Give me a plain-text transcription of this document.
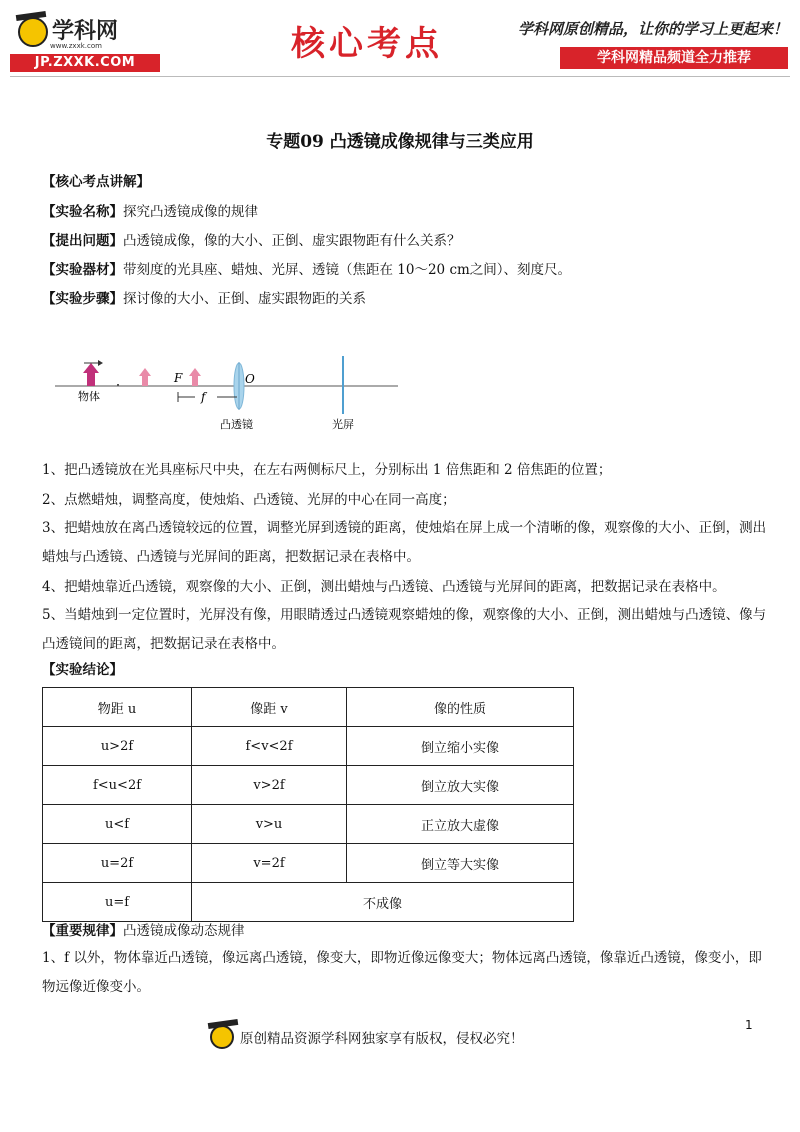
学科网
www.zxxk.com
JP.ZXXK.COM	核心考点	学科网原创精品，让你的学习上更起来！
学科网精品频道全力推荐
专题09 凸透镜成像规律与三类应用
【核心考点讲解】
【实验名称】探究凸透镜成像的规律
【提出问题】凸透镜成像，像的大小、正倒、虚实跟物距有什么关系？
【实验器材】带刻度的光具座、蜡烛、光屏、透镜（焦距在 10～20 cm之间）、刻度尺。
【实验步骤】探讨像的大小、正倒、虚实跟物距的关系
F	O
f
物体
凸透镜	光屏
1、把凸透镜放在光具座标尺中央，在左右两侧标尺上，分别标出 1 倍焦距和 2 倍焦距的位置；
2、点燃蜡烛，调整高度，使烛焰、凸透镜、光屏的中心在同一高度；
3、把蜡烛放在离凸透镜较远的位置，调整光屏到透镜的距离，使烛焰在屏上成一个清晰的像，观察像的大小、正倒，测出蜡烛与凸透镜、凸透镜与光屏间的距离，把数据记录在表格中。
4、把蜡烛靠近凸透镜，观察像的大小、正倒，测出蜡烛与凸透镜、凸透镜与光屏间的距离，把数据记录在表格中。
5、当蜡烛到一定位置时，光屏没有像，用眼睛透过凸透镜观察蜡烛的像，观察像的大小、正倒，测出蜡烛与凸透镜、像与凸透镜间的距离，把数据记录在表格中。
【实验结论】
物距 u	像距 v	像的性质
u>2f	f<v<2f	倒立缩小实像
f<u<2f	v>2f	倒立放大实像
u<f	v>u	正立放大虚像
u=2f	v=2f	倒立等大实像
u=f	不成像	
【重要规律】凸透镜成像动态规律
1、f 以外，物体靠近凸透镜，像远离凸透镜，像变大，即物近像远像变大；物体远离凸透镜，像靠近凸透镜，像变小，即物远像近像变小。
1
原创精品资源学科网独家享有版权，侵权必究！
